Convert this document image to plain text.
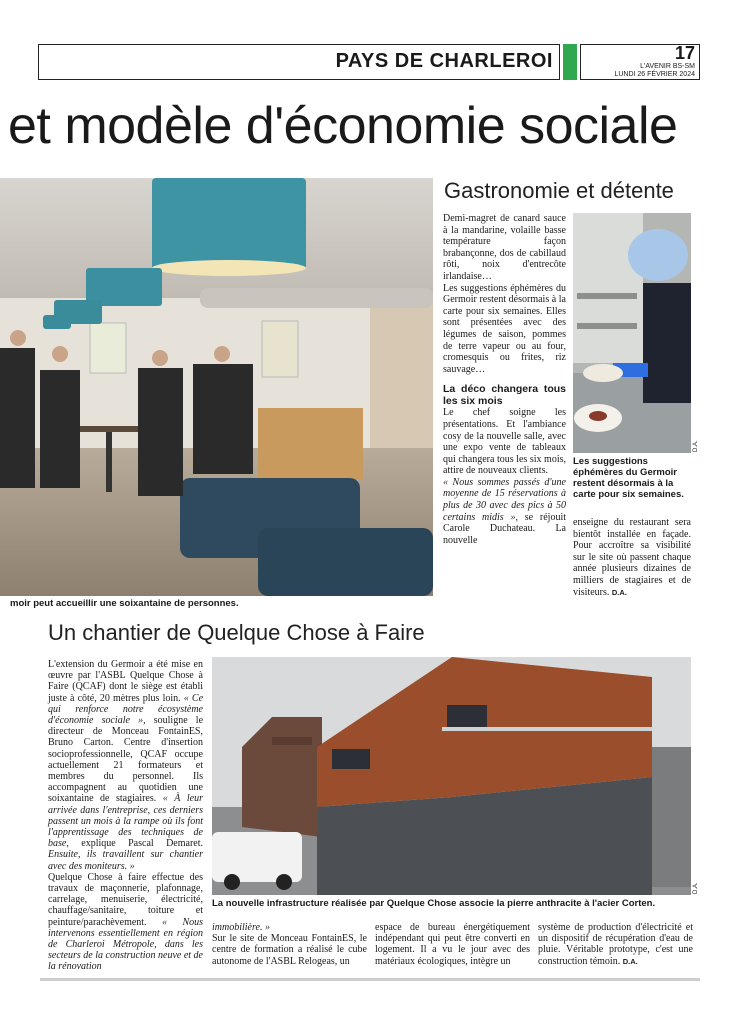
PAYS DE CHARLEROI	17
L'AVENIR BS-SM
LUNDI 26 FÉVRIER 2024
et modèle d'économie sociale
moir peut accueillir une soixantaine de personnes.
Gastronomie et détente

Demi-magret de canard sauce à la mandarine, volaille basse température façon brabançonne, dos de cabillaud rôti, noix d'entrecôte irlandaise…

Les suggestions éphémères du Germoir restent désormais à la carte pour six semaines. Elles sont présentées avec des légumes de saison, pommes de terre vapeur ou au four, cromesquis ou frites, riz sauvage…

La déco changera tous les six mois

Le chef soigne les présentations. Et l'ambiance cosy de la nouvelle salle, avec une expo vente de tableaux qui changera tous les six mois, attire de nouveaux clients.

« Nous sommes passés d'une moyenne de 15 réservations à plus de 30 avec des pics à 50 certains midis », se réjouit Carole Duchateau. La nouvelle

D.A.
Les suggestions éphémères du Germoir restent désormais à la carte pour six semaines.

enseigne du restaurant sera bientôt installée en façade. Pour accroître sa visibilité sur le site où passent chaque année plusieurs dizaines de milliers de stagiaires et de visiteurs. D.A.

Un chantier de Quelque Chose à Faire

L'extension du Germoir a été mise en œuvre par l'ASBL Quelque Chose à Faire (QCAF) dont le siège est établi juste à côté, 20 mètres plus loin. « Ce qui renforce notre écosystème d'économie sociale », souligne le directeur de Monceau FontainES, Bruno Carton. Centre d'insertion socioprofessionnelle, QCAF occupe actuellement 21 formateurs et membres du personnel. Ils accompagnent au quotidien une soixantaine de stagiaires. « À leur arrivée dans l'entreprise, ces derniers passent un mois à la rampe où ils font l'apprentissage des techniques de base, explique Pascal Demaret. Ensuite, ils travaillent sur chantier avec des moniteurs. »

Quelque Chose à faire effectue des travaux de maçonnerie, plafonnage, carrelage, menuiserie, électricité, chauffage/sanitaire, toiture et peinture/parachèvement. « Nous intervenons essentiellement en région de Charleroi Métropole, dans les secteurs de la construction neuve et de la rénovation

D.A.
La nouvelle infrastructure réalisée par Quelque Chose associe la pierre anthracite à l'acier Corten.

immobilière. »

Sur le site de Monceau FontainES, le centre de formation a réalisé le cube autonome de l'ASBL Relogeas, un

espace de bureau énergétiquement indépendant qui peut être converti en logement. Il a vu le jour avec des matériaux écologiques, intègre un

système de production d'électricité et un dispositif de récupération d'eau de pluie. Véritable prototype, c'est une construction témoin. D.A.
